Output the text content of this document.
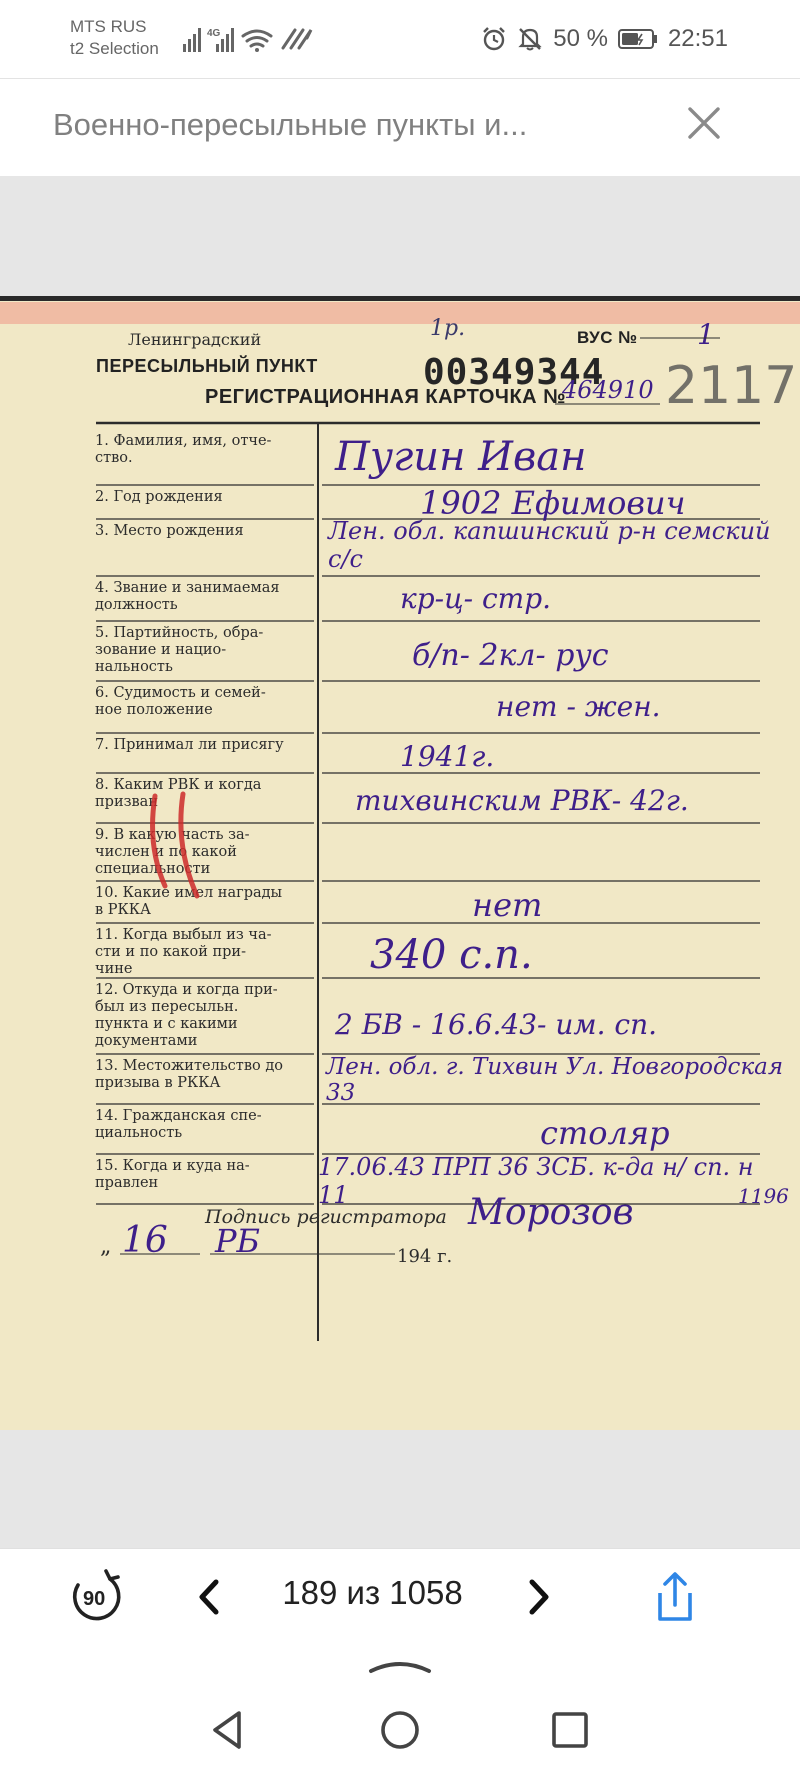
MTS RUS
t2 Selection
4G	50 %	22:51
Военно-пересыльные пункты и...
Ленинградский
ПЕРЕСЫЛЬНЫЙ ПУНКТ
РЕГИСТРАЦИОННАЯ КАРТОЧКА №
ВУС № 1
00349344
464910 2117
1р.
1. Фамилия, имя, отче-
ство.	Пугин Иван
2. Год рождения	1902 Ефимович
3. Место рождения	Лен. обл. капшинский р-н семский с/с
4. Звание и занимаемая
должность	кр-ц- стр.
5. Партийность, обра-
зование и нацио-
нальность	б/п- 2кл- рус
6. Судимость и семей-
ное положение	нет - жен.
7. Принимал ли присягу	1941г.
8. Каким РВК и когда
призван	тихвинским РВК- 42г.
9. В какую часть за-
числен и по какой
специальности
10. Какие имел награды
в РККА	нет
11. Когда выбыл из ча-
сти и по какой при-
чине	340 с.п.
12. Откуда и когда при-
был из пересыльн.
пункта и с какими
документами	2 БВ - 16.6.43- им. сп.
13. Местожительство до
призыва в РККА
Лен. обл. г. Тихвин Ул. Новгородская 33
14. Гражданская спе-
циальность	столяр
15. Когда и куда на-
правлен
17.06.43 ПРП 36 ЗСБ. к-да н/ сп. н 11	1196
Подпись регистратора Морозов
„ 16 РБ	194 г.
90	189 из 1058
